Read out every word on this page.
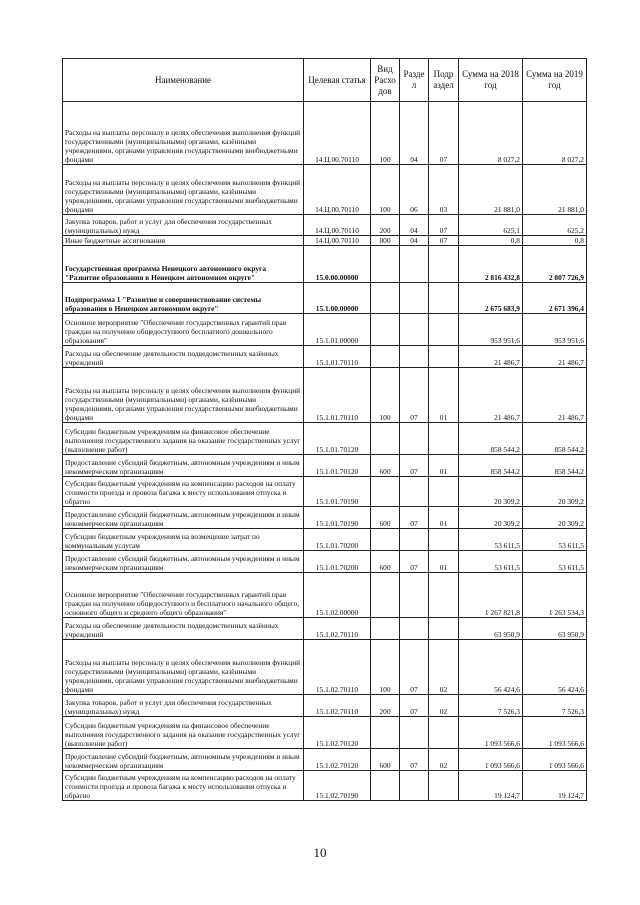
Наименование	Целевая статья	Вид Расхо дов	Разде л	Подр аздел	Сумма на 2018 год	Сумма на 2019 год
Расходы на выплаты персоналу в целях обеспечения выполнения функций государственными (муниципальными) органами, казёнными учреждениями, органами управления государственными внебюджетными фондами	14.Ц.00.70110	100	04	07	8 027,2	8 027,2
Расходы на выплаты персоналу в целях обеспечения выполнения функций государственными (муниципальными) органами, казёнными учреждениями, органами управления государственными внебюджетными фондами	14.Ц.00.70110	100	06	03	21 881,0	21 881,0
Закупка товаров, работ и услуг для обеспечения государственных (муниципальных) нужд	14.Ц.00.70110	200	04	07	625,1	625,2
Иные бюджетные ассигнования	14.Ц.00.70110	800	04	07	0,8	0,8
Государственная программа Ненецкого автономного округа "Развитие образования в Ненецком автономном округе"	15.0.00.00000				2 816 432,8	2 807 726,9
Подпрограмма 1 "Развитие и совершенствование системы образования в Ненецком автономном округе"	15.1.00.00000				2 675 683,9	2 671 396,4
Основное мероприятие "Обеспечение государственных гарантий прав граждан на получение общедоступного бесплатного дошкольного образования"	15.1.01.00000				953 951,6	953 951,6
Расходы на обеспечение деятельности подведомственных казённых учреждений	15.1.01.70110				21 486,7	21 486,7
Расходы на выплаты персоналу в целях обеспечения выполнения функций государственными (муниципальными) органами, казёнными учреждениями, органами управления государственными внебюджетными фондами	15.1.01.70110	100	07	01	21 486,7	21 486,7
Субсидии бюджетным учреждениям на финансовое обеспечение выполнения государственного задания на оказание государственных услуг (выполнение работ)	15.1.01.70120				858 544,2	858 544,2
Предоставление субсидий бюджетным, автономным учреждениям и иным некоммерческим организациям	15.1.01.70120	600	07	01	858 544,2	858 544,2
Субсидии бюджетным учреждениям на компенсацию расходов на оплату стоимости проезда и провоза багажа к месту использования отпуска и обратно	15.1.01.70190				20 309,2	20 309,2
Предоставление субсидий бюджетным, автономным учреждениям и иным некоммерческим организациям	15.1.01.70190	600	07	01	20 309,2	20 309,2
Субсидии бюджетным учреждениям на возмещение затрат по коммунальным услугам	15.1.01.70200				53 611,5	53 611,5
Предоставление субсидий бюджетным, автономным учреждениям и иным некоммерческим организациям	15.1.01.70200	600	07	01	53 611,5	53 611,5
Основное мероприятие "Обеспечение государственных гарантий прав граждан на получение общедоступного и бесплатного начального общего, основного общего и среднего общего образования"	15.1.02.00000				1 267 821,8	1 263 534,3
Расходы на обеспечение деятельности подведомственных казённых учреждений	15.1.02.70110				63 950,9	63 950,9
Расходы на выплаты персоналу в целях обеспечения выполнения функций государственными (муниципальными) органами, казёнными учреждениями, органами управления государственными внебюджетными фондами	15.1.02.70110	100	07	02	56 424,6	56 424,6
Закупка товаров, работ и услуг для обеспечения государственных (муниципальных) нужд	15.1.02.70110	200	07	02	7 526,3	7 526,3
Субсидии бюджетным учреждениям на финансовое обеспечение выполнения государственного задания на оказание государственных услуг (выполнение работ)	15.1.02.70120				1 093 566,6	1 093 566,6
Предоставление субсидий бюджетным, автономным учреждениям и иным некоммерческим организациям	15.1.02.70120	600	07	02	1 093 566,6	1 093 566,6
Субсидии бюджетным учреждениям на компенсацию расходов на оплату стоимости проезда и провоза багажа к месту использования отпуска и обратно	15.1.02.70190				19 124,7	19 124,7
10
